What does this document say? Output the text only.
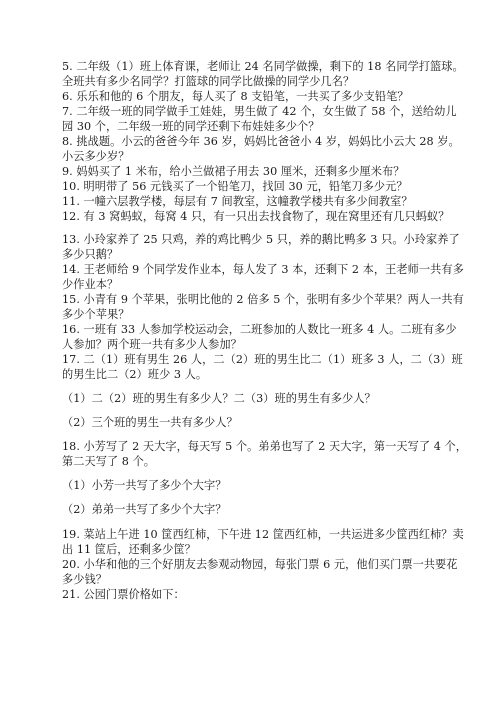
5. 二年级（1）班上体育课，老师让 24 名同学做操，剩下的 18 名同学打篮球。
全班共有多少名同学？打篮球的同学比做操的同学少几名？
6. 乐乐和他的 6 个朋友，每人买了 8 支铅笔，一共买了多少支铅笔？
7. 二年级一班的同学做手工娃娃，男生做了 42 个，女生做了 58 个，送给幼儿
园 30 个，二年级一班的同学还剩下布娃娃多少个？
8. 挑战题。小云的爸爸今年 36 岁，妈妈比爸爸小 4 岁，妈妈比小云大 28 岁。
小云多少岁？
9. 妈妈买了 1 米布，给小兰做裙子用去 30 厘米，还剩多少厘米布？
10. 明明带了 56 元钱买了一个铅笔刀，找回 30 元，铅笔刀多少元？
11. 一幢六层教学楼，每层有 7 间教室，这幢教学楼共有多少间教室？
12. 有 3 窝蚂蚁，每窝 4 只，有一只出去找食物了，现在窝里还有几只蚂蚁？
13. 小玲家养了 25 只鸡，养的鸡比鸭少 5 只，养的鹅比鸭多 3 只。小玲家养了
多少只鹅？
14. 王老师给 9 个同学发作业本，每人发了 3 本，还剩下 2 本，王老师一共有多
少作业本？
15. 小青有 9 个苹果，张明比他的 2 倍多 5 个，张明有多少个苹果？两人一共有
多少个苹果？
16. 一班有 33 人参加学校运动会，二班参加的人数比一班多 4 人。二班有多少
人参加？两个班一共有多少人参加？
17. 二（1）班有男生 26 人，二（2）班的男生比二（1）班多 3 人，二（3）班
的男生比二（2）班少 3 人。
（1）二（2）班的男生有多少人？二（3）班的男生有多少人？
（2）三个班的男生一共有多少人？
18. 小芳写了 2 天大字，每天写 5 个。弟弟也写了 2 天大字，第一天写了 4 个，
第二天写了 8 个。
（1）小芳一共写了多少个大字？
（2）弟弟一共写了多少个大字？
19. 菜站上午进 10 筐西红柿，下午进 12 筐西红柿，一共运进多少筐西红柿？卖
出 11 筐后，还剩多少筐？
20. 小华和他的三个好朋友去参观动物园，每张门票 6 元，他们买门票一共要花
多少钱？
21. 公园门票价格如下：
